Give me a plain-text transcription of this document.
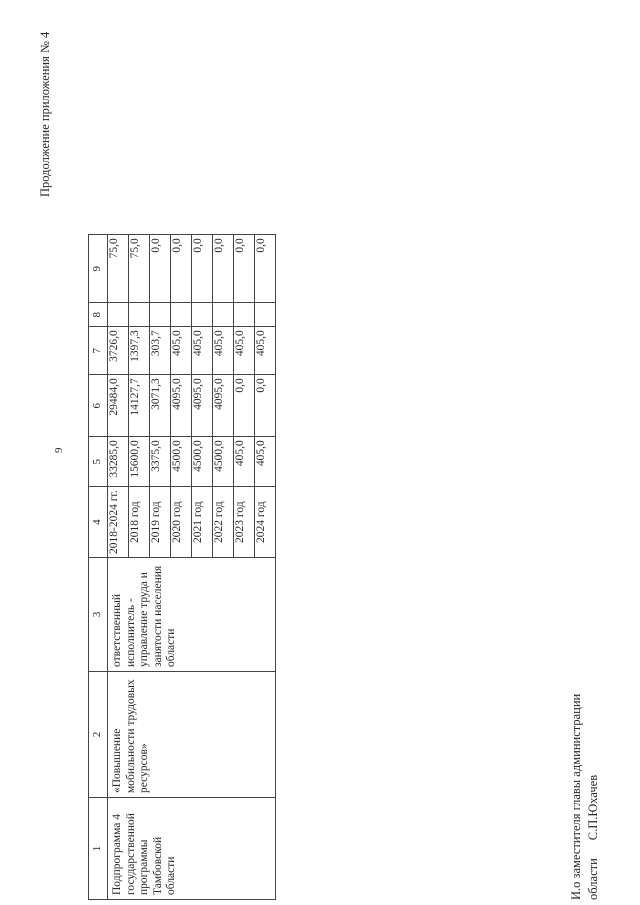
9
Продолжение приложения № 4
1	2	3	4	5	6	7	8	9
Подпрограмма 4 государственной программы Тамбовской области	«Повышение мобильности трудовых ресурсов»	ответственный исполнитель - управление труда и занятости населения области	2018-2024 гг.	33285,0	29484,0	3726,0		75,0
			2018 год	15600,0	14127,7	1397,3		75,0
			2019 год	3375,0	3071,3	303,7		0,0
			2020 год	4500,0	4095,0	405,0		0,0
			2021 год	4500,0	4095,0	405,0		0,0
			2022 год	4500,0	4095,0	405,0		0,0
			2023 год	405,0	0,0	405,0		0,0
			2024 год	405,0	0,0	405,0		0,0
И.о заместителя главы администрации областиС.П.Юхачев
